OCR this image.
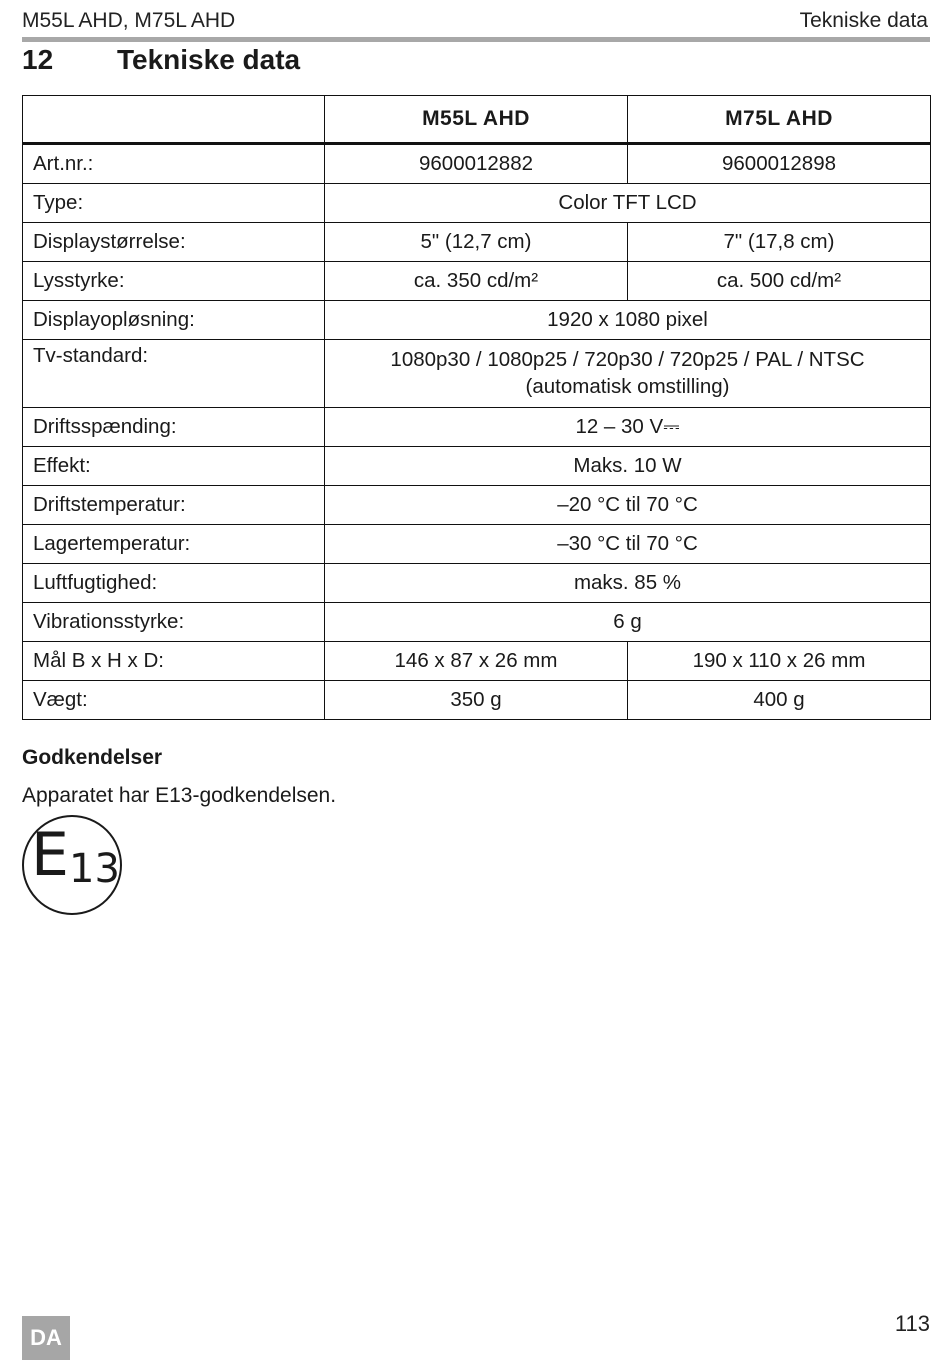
M55L AHD, M75L AHD	Tekniske data
12	Tekniske data
	M55L AHD	M75L AHD
Art.nr.:	9600012882	9600012898
Type:	Color TFT LCD	
Displaystørrelse:	5" (12,7 cm)	7" (17,8 cm)
Lysstyrke:	ca. 350 cd/m²	ca. 500 cd/m²
Displayopløsning:	1920 x 1080 pixel	
Tv-standard:	1080p30 / 1080p25 / 720p30 / 720p25 / PAL / NTSC
(automatisk omstilling)	

Driftsspænding:	12 – 30 V⎓	
Effekt:	Maks. 10 W	
Driftstemperatur:	–20 °C til 70 °C	
Lagertemperatur:	–30 °C til 70 °C	
Luftfugtighed:	maks. 85 %	
Vibrationsstyrke:	6 g	
Mål B x H x D:	146 x 87 x 26 mm	190 x 110 x 26 mm
Vægt:	350 g	400 g
Godkendelser
Apparatet har E13-godkendelsen.
E 13
DA
113
